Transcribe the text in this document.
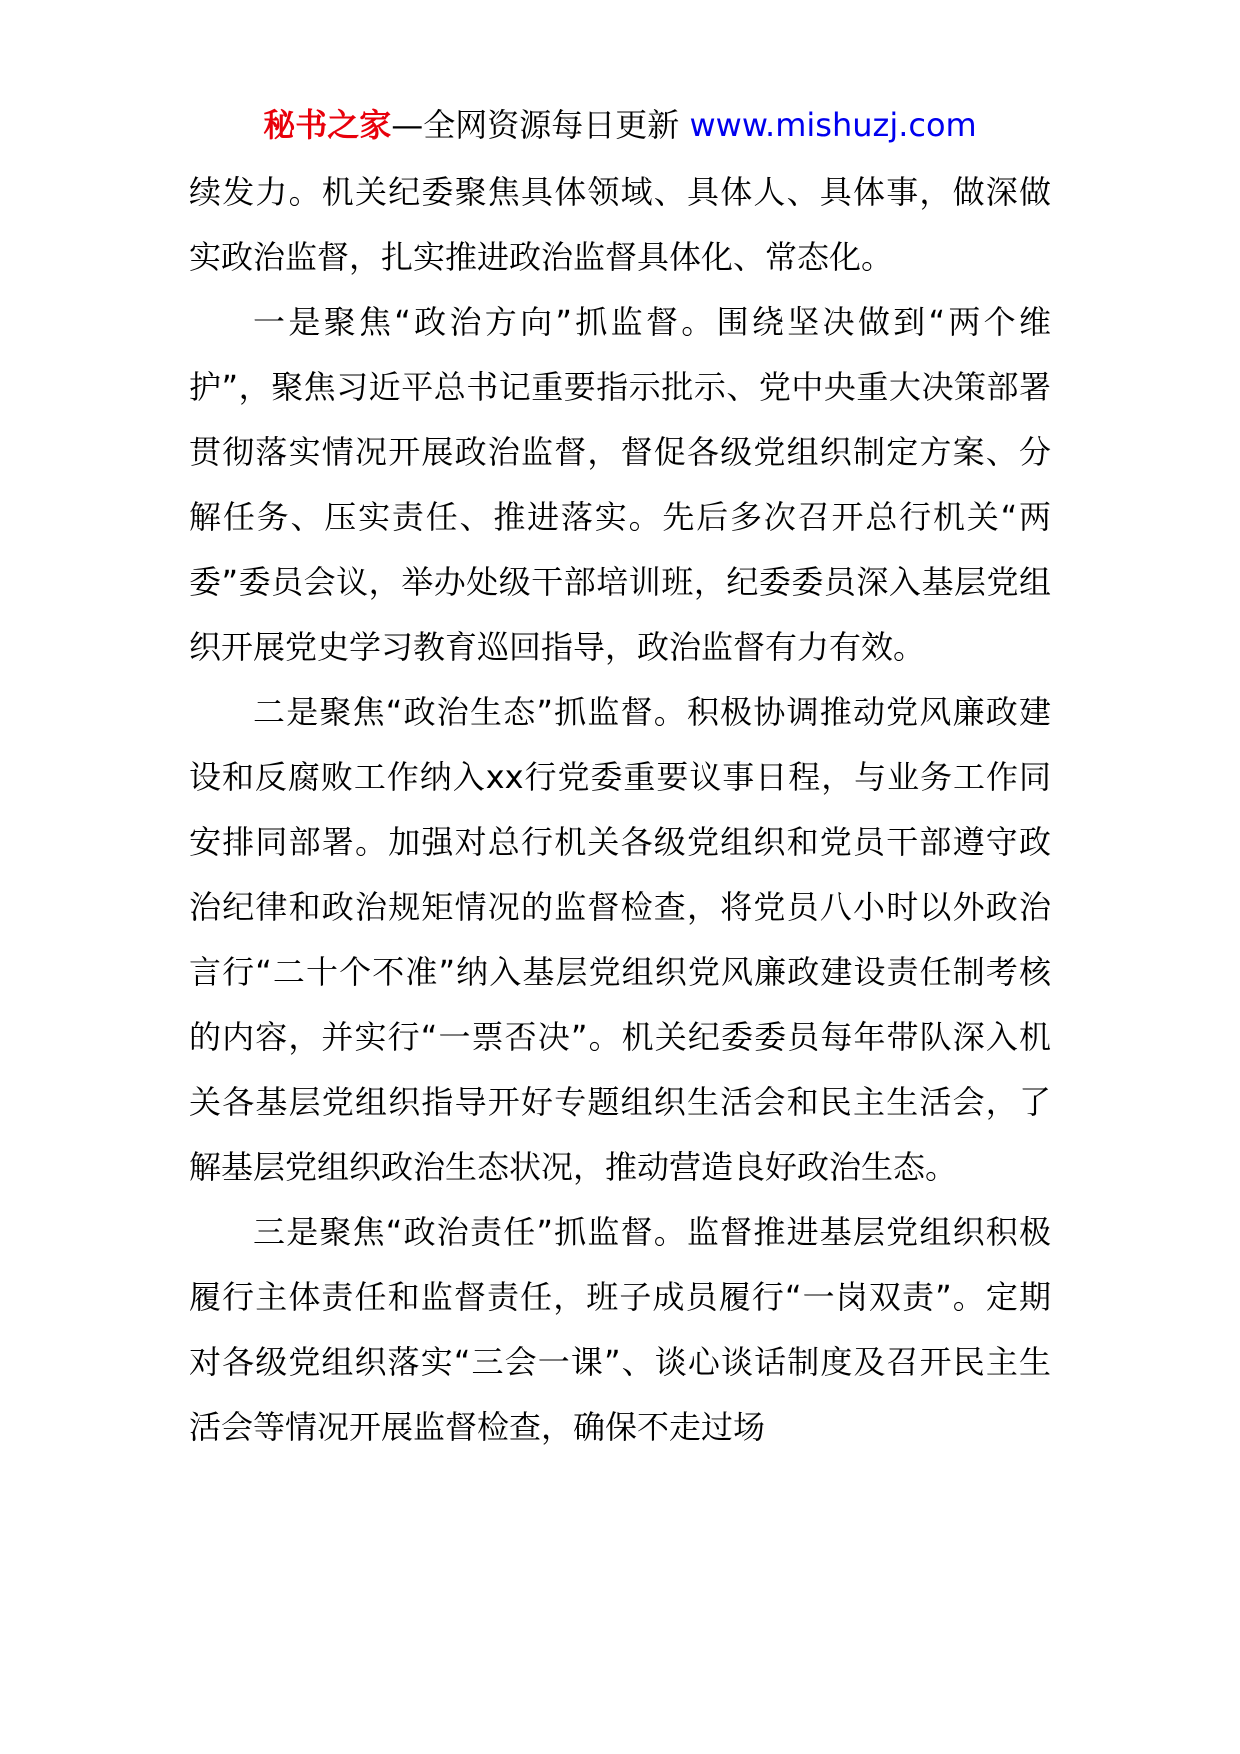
秘书之家—全网资源每日更新 www.mishuzj.com

续发力。机关纪委聚焦具体领域、具体人、具体事，做深做实政治监督，扎实推进政治监督具体化、常态化。

一是聚焦“政治方向”抓监督。围绕坚决做到“两个维护”，聚焦习近平总书记重要指示批示、党中央重大决策部署贯彻落实情况开展政治监督，督促各级党组织制定方案、分解任务、压实责任、推进落实。先后多次召开总行机关“两委”委员会议，举办处级干部培训班，纪委委员深入基层党组织开展党史学习教育巡回指导，政治监督有力有效。

二是聚焦“政治生态”抓监督。积极协调推动党风廉政建设和反腐败工作纳入xx行党委重要议事日程，与业务工作同安排同部署。加强对总行机关各级党组织和党员干部遵守政治纪律和政治规矩情况的监督检查，将党员八小时以外政治言行“二十个不准”纳入基层党组织党风廉政建设责任制考核的内容，并实行“一票否决”。机关纪委委员每年带队深入机关各基层党组织指导开好专题组织生活会和民主生活会，了解基层党组织政治生态状况，推动营造良好政治生态。

三是聚焦“政治责任”抓监督。监督推进基层党组织积极履行主体责任和监督责任，班子成员履行“一岗双责”。定期对各级党组织落实“三会一课”、谈心谈话制度及召开民主生活会等情况开展监督检查，确保不走过场
